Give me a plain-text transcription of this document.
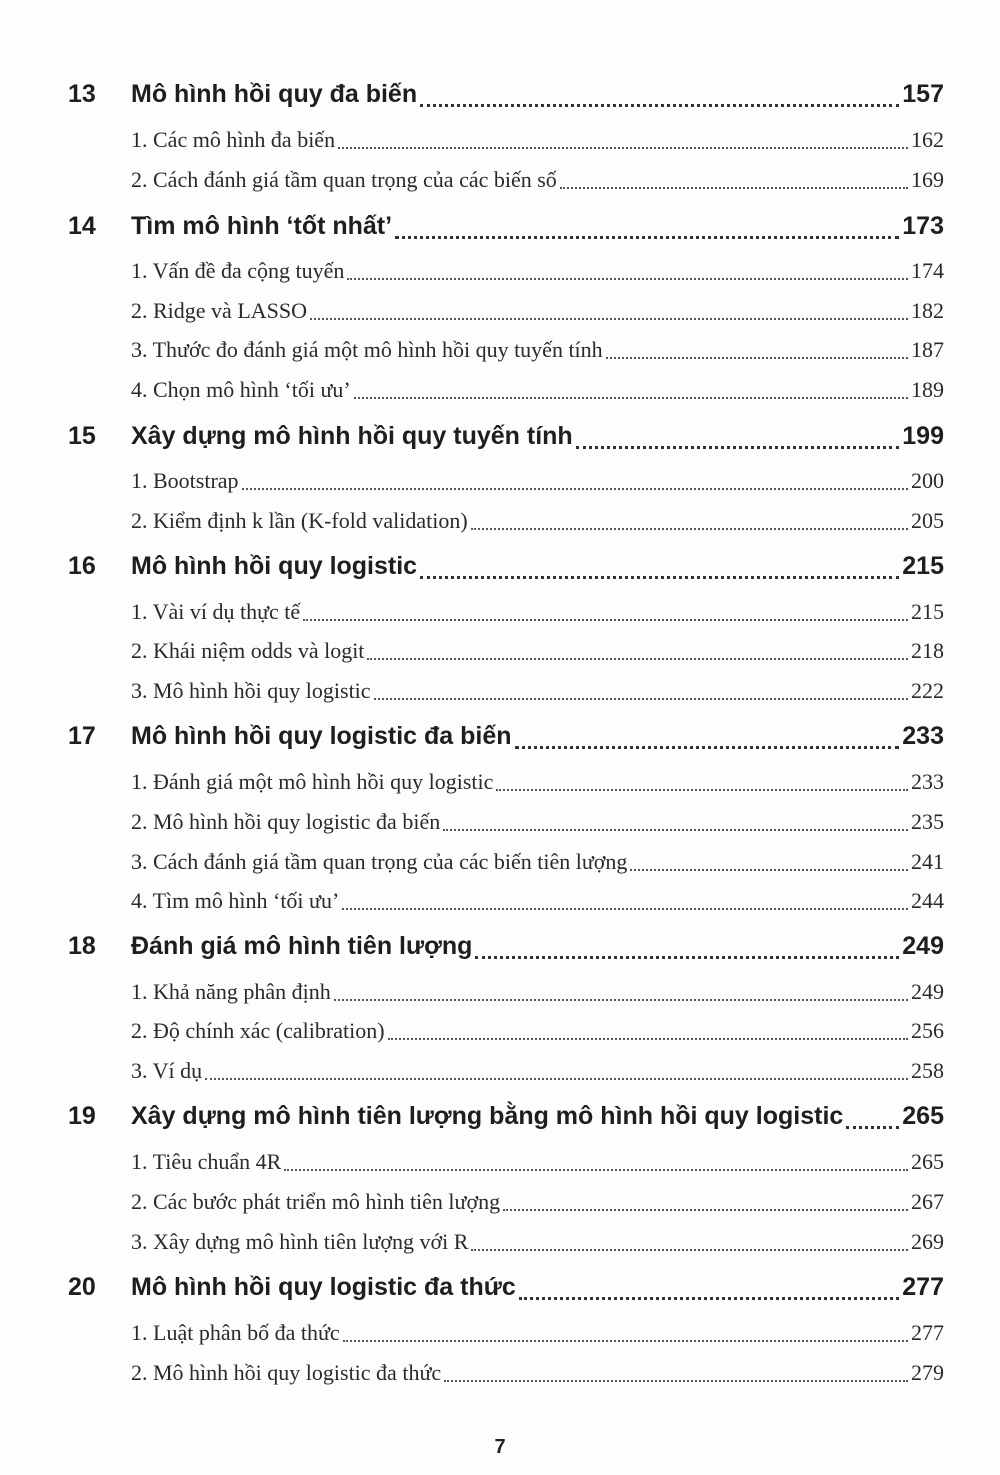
13	Mô hình hồi quy đa biến	157
1. Các mô hình đa biến	162
2. Cách đánh giá tầm quan trọng của các biến số	169
14	Tìm mô hình ‘tốt nhất’	173
1. Vấn đề đa cộng tuyến	174
2. Ridge và LASSO	182
3. Thước đo đánh giá một mô hình hồi quy tuyến tính	187
4. Chọn mô hình ‘tối ưu’	189
15	Xây dựng mô hình hồi quy tuyến tính	199
1. Bootstrap	200
2. Kiểm định k lần (K-fold validation)	205
16	Mô hình hồi quy logistic	215
1. Vài ví dụ thực tế	215
2. Khái niệm odds và logit	218
3. Mô hình hồi quy logistic	222
17	Mô hình hồi quy logistic đa biến	233
1. Đánh giá một mô hình hồi quy logistic	233
2. Mô hình hồi quy logistic đa biến	235
3. Cách đánh giá tầm quan trọng của các biến tiên lượng	241
4. Tìm mô hình ‘tối ưu’	244
18	Đánh giá mô hình tiên lượng	249
1. Khả năng phân định	249
2. Độ chính xác (calibration)	256
3. Ví dụ	258
19	Xây dựng mô hình tiên lượng bằng mô hình hồi quy logistic 265
1. Tiêu chuẩn 4R	265
2. Các bước phát triển mô hình tiên lượng	267
3. Xây dựng mô hình tiên lượng với R	269
20	Mô hình hồi quy logistic đa thức	277
1. Luật phân bố đa thức	277
2. Mô hình hồi quy logistic đa thức	279
7
